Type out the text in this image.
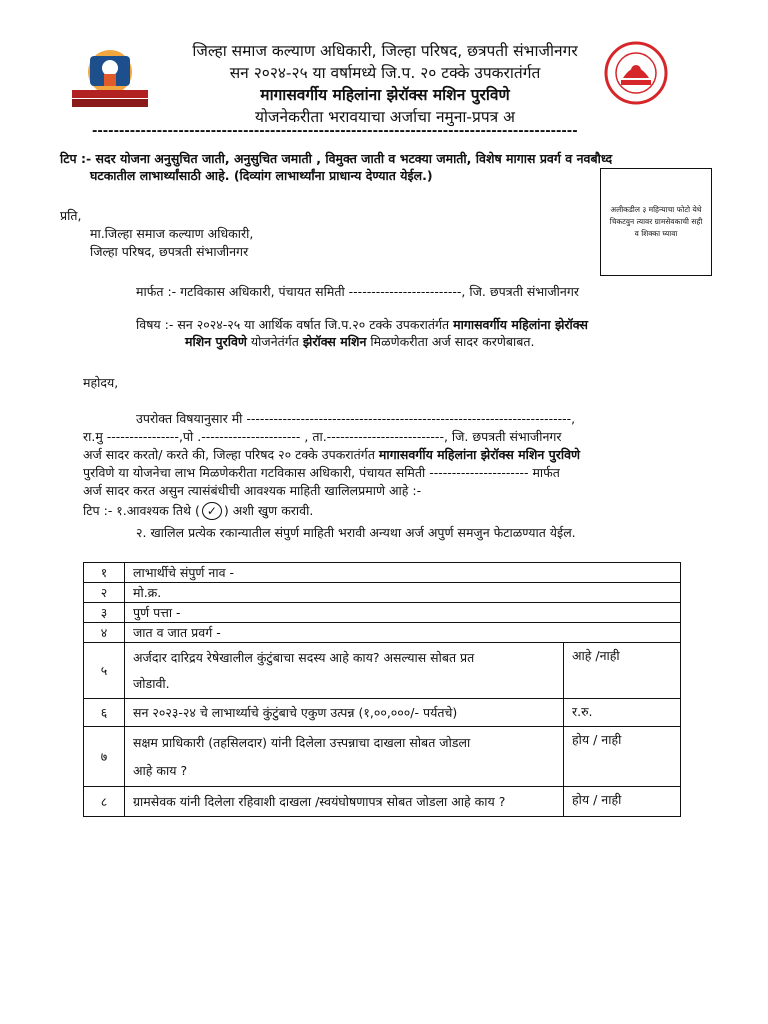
जिल्हा समाज कल्याण अधिकारी, जिल्हा परिषद, छत्रपती संभाजीनगर
सन २०२४-२५ या वर्षामध्ये जि.प. २० टक्के उपकरातंर्गत
मागासवर्गीय महिलांना झेरॉक्स मशिन पुरविणे
योजनेकरीता भरावयाचा अर्जाचा नमुना-प्रपत्र अ
------------------------------------------------------------------------------------------
टिप :- सदर योजना अनुसुचित जाती, अनुसुचित जमाती , विमुक्त जाती व भटक्या जमाती, विशेष मागास प्रवर्ग व नवबौध्द
घटकातील लाभार्थ्यांसाठी आहे. (दिव्यांग लाभार्थ्यांना प्राधान्य देण्यात येईल.)
अलीकडील ३ महिन्याचा फोटो येथे चिकटवुन त्यावर ग्रामसेवकाची सही व शिक्का घ्यावा
प्रति,
मा.जिल्हा समाज कल्याण अधिकारी,
जिल्हा परिषद, छपत्रती संभाजीनगर
मार्फत :- गटविकास अधिकारी, पंचायत समिती -------------------------, जि. छपत्रती संभाजीनगर
विषय :- सन २०२४-२५ या आर्थिक वर्षात जि.प.२० टक्के उपकरातंर्गत मागासवर्गीय महिलांना झेरॉक्स
मशिन पुरविणे योजनेतंर्गत झेरॉक्स मशिन मिळणेकरीता अर्ज सादर करणेबाबत.
महोदय,
उपरोक्त विषयानुसार मी ------------------------------------------------------------------------,
रा.मु ----------------,पो .---------------------- , ता.--------------------------, जि. छपत्रती संभाजीनगर
अर्ज सादर करतो/ करते की, जिल्हा परिषद २० टक्के उपकरातंर्गत मागासवर्गीय महिलांना झेरॉक्स मशिन पुरविणे
पुरविणे या योजनेचा लाभ मिळणेकरीता गटविकास अधिकारी, पंचायत समिती ---------------------- मार्फत
अर्ज सादर करत असुन त्यासंबंधीची आवश्यक माहिती खालिलप्रमाणे आहे :-
टिप :- १.आवश्यक तिथे ( ✓ ) अशी खुण करावी.
२. खालिल प्रत्येक रकान्यातील संपुर्ण माहिती भरावी अन्यथा अर्ज अपुर्ण समजुन फेटाळण्यात येईल.
१	लाभार्थीचे संपुर्ण नाव -	
२	मो.क्र.	
३	पुर्ण पत्ता -	
४	जात व जात प्रवर्ग -	
५	अर्जदार दारिद्रय रेषेखालील कुंटुंबाचा सदस्य आहे काय? असल्यास सोबत प्रत
जोडावी.	आहे /नाही
६	सन २०२३-२४ चे लाभार्थ्याचे कुंटुंबाचे एकुण उत्पन्न (१,००,०००/- पर्यतचे)	र.रु.
७	सक्षम प्राधिकारी (तहसिलदार) यांनी दिलेला उत्त्पन्नाचा दाखला सोबत जोडला
आहे काय ?	होय / नाही
८	ग्रामसेवक यांनी दिलेला रहिवाशी दाखला /स्वयंघोषणापत्र सोबत जोडला आहे काय ?	होय / नाही
